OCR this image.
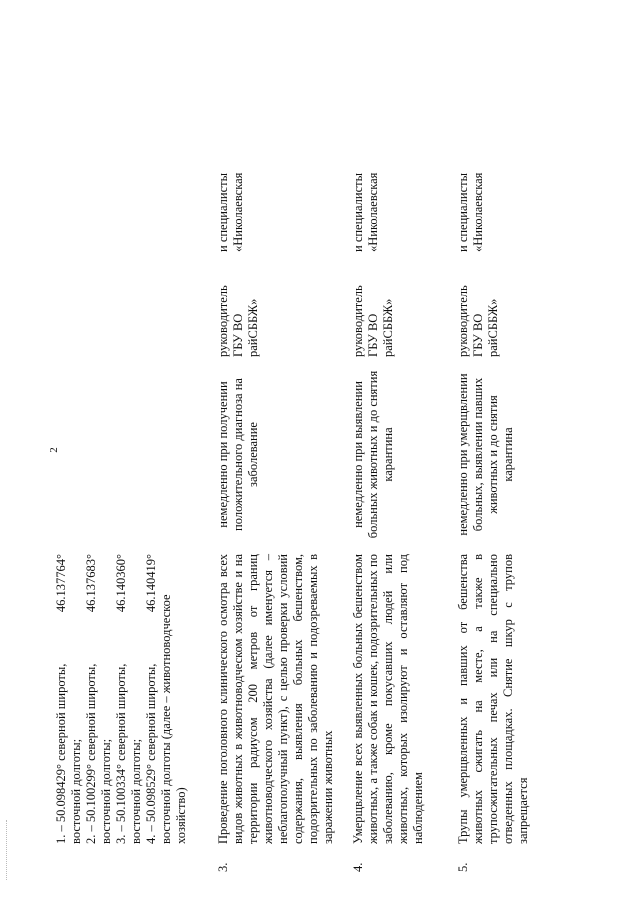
2
1. – 50.098429° северной широты,
46.137764°
восточной долготы; 2. – 50.100299° северной широты,
46.137683°
восточной долготы; 3. – 50.100334° северной широты,
46.140360°
восточной долготы; 4. – 50.098529° северной широты,
46.140419°
восточной долготы (далее – животноводческое хозяйство)
3.
Проведение поголовного клинического осмотра всех видов животных в животноводческом хозяйстве и на территории радиусом 200 метров от границ животноводческого хозяйства (далее именуется – неблагополучный пункт), с целью проверки условий содержания, выявления больных бешенством, подозрительных по заболеванию и подозреваемых в заражении животных
немедленно при получении положительного диагноза на заболевание
руководитель ГБУ ВО райСББЖ»
и специалисты «Николаевская
4.
Умерщвление всех выявленных больных бешенством животных, а также собак и кошек, подозрительных по заболеванию, кроме покусавших людей или животных, которых изолируют и оставляют под наблюдением
немедленно при выявлении больных животных и до снятия карантина
руководитель ГБУ ВО райСББЖ»
и специалисты «Николаевская
5.
Трупы умерщвленных и павших от бешенства животных сжигать на месте, а также в трупосжигательных печах или на специально отведенных площадках. Снятие шкур с трупов запрещается
немедленно при умерщвлении больных, выявлении павших животных и до снятия карантина
руководитель ГБУ ВО райСББЖ»
и специалисты «Николаевская
